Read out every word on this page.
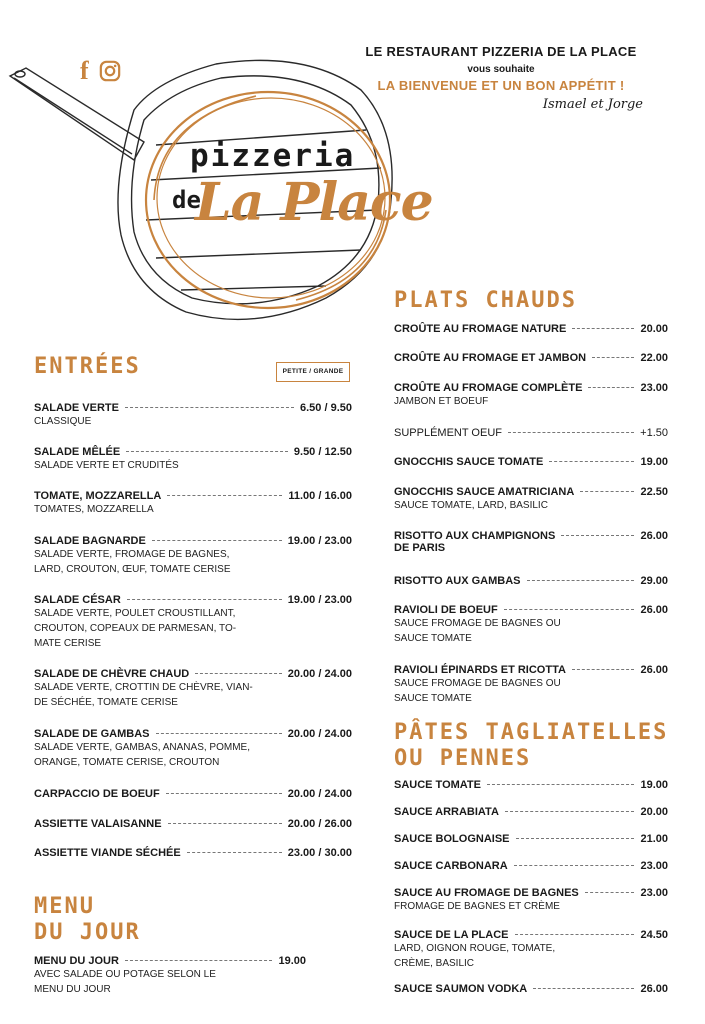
f
pizzeria
de
La Place
LE RESTAURANT PIZZERIA DE LA PLACE
vous souhaite
LA BIENVENUE ET UN BON APPÉTIT !
Ismael et Jorge
ENTRÉES	PETITE / GRANDE
MENU
DU JOUR
PLATS CHAUDS
PÂTES TAGLIATELLES
OU PENNES
SALADE VERTE	6.50 / 9.50
CLASSIQUE
SALADE MÊLÉE	9.50 / 12.50
SALADE VERTE ET CRUDITÉS
TOMATE, MOZZARELLA	11.00 / 16.00
TOMATES, MOZZARELLA
SALADE BAGNARDE	19.00 / 23.00
SALADE VERTE, FROMAGE DE BAGNES,
LARD, CROUTON, ŒUF, TOMATE CERISE
SALADE CÉSAR	19.00 / 23.00
SALADE VERTE, POULET CROUSTILLANT,
CROUTON, COPEAUX DE PARMESAN, TO-
MATE CERISE
SALADE DE CHÈVRE CHAUD	20.00 / 24.00
SALADE VERTE, CROTTIN DE CHÈVRE, VIAN-
DE SÉCHÉE, TOMATE CERISE
SALADE DE GAMBAS	20.00 / 24.00
SALADE VERTE, GAMBAS, ANANAS, POMME,
ORANGE, TOMATE CERISE, CROUTON
CARPACCIO DE BOEUF	20.00 / 24.00
ASSIETTE VALAISANNE	20.00 / 26.00
ASSIETTE VIANDE SÉCHÉE	23.00 / 30.00
MENU DU JOUR	19.00
AVEC SALADE OU POTAGE SELON LE
MENU DU JOUR
CROÛTE AU FROMAGE NATURE	20.00
CROÛTE AU FROMAGE ET JAMBON	22.00
CROÛTE AU FROMAGE COMPLÈTE	23.00
JAMBON ET BOEUF
SUPPLÉMENT OEUF	+1.50
GNOCCHIS SAUCE TOMATE	19.00
GNOCCHIS SAUCE AMATRICIANA	22.50
SAUCE TOMATE, LARD, BASILIC
RISOTTO AUX CHAMPIGNONS	26.00
DE PARIS
RISOTTO AUX GAMBAS	29.00
RAVIOLI DE BOEUF	26.00
SAUCE FROMAGE DE BAGNES OU
SAUCE TOMATE
RAVIOLI ÉPINARDS ET RICOTTA	26.00
SAUCE FROMAGE DE BAGNES OU
SAUCE TOMATE
SAUCE TOMATE	19.00
SAUCE ARRABIATA	20.00
SAUCE BOLOGNAISE	21.00
SAUCE CARBONARA	23.00
SAUCE AU FROMAGE DE BAGNES	23.00
FROMAGE DE BAGNES ET CRÈME
SAUCE DE LA PLACE	24.50
LARD, OIGNON ROUGE, TOMATE,
CRÈME, BASILIC
SAUCE SAUMON VODKA	26.00
